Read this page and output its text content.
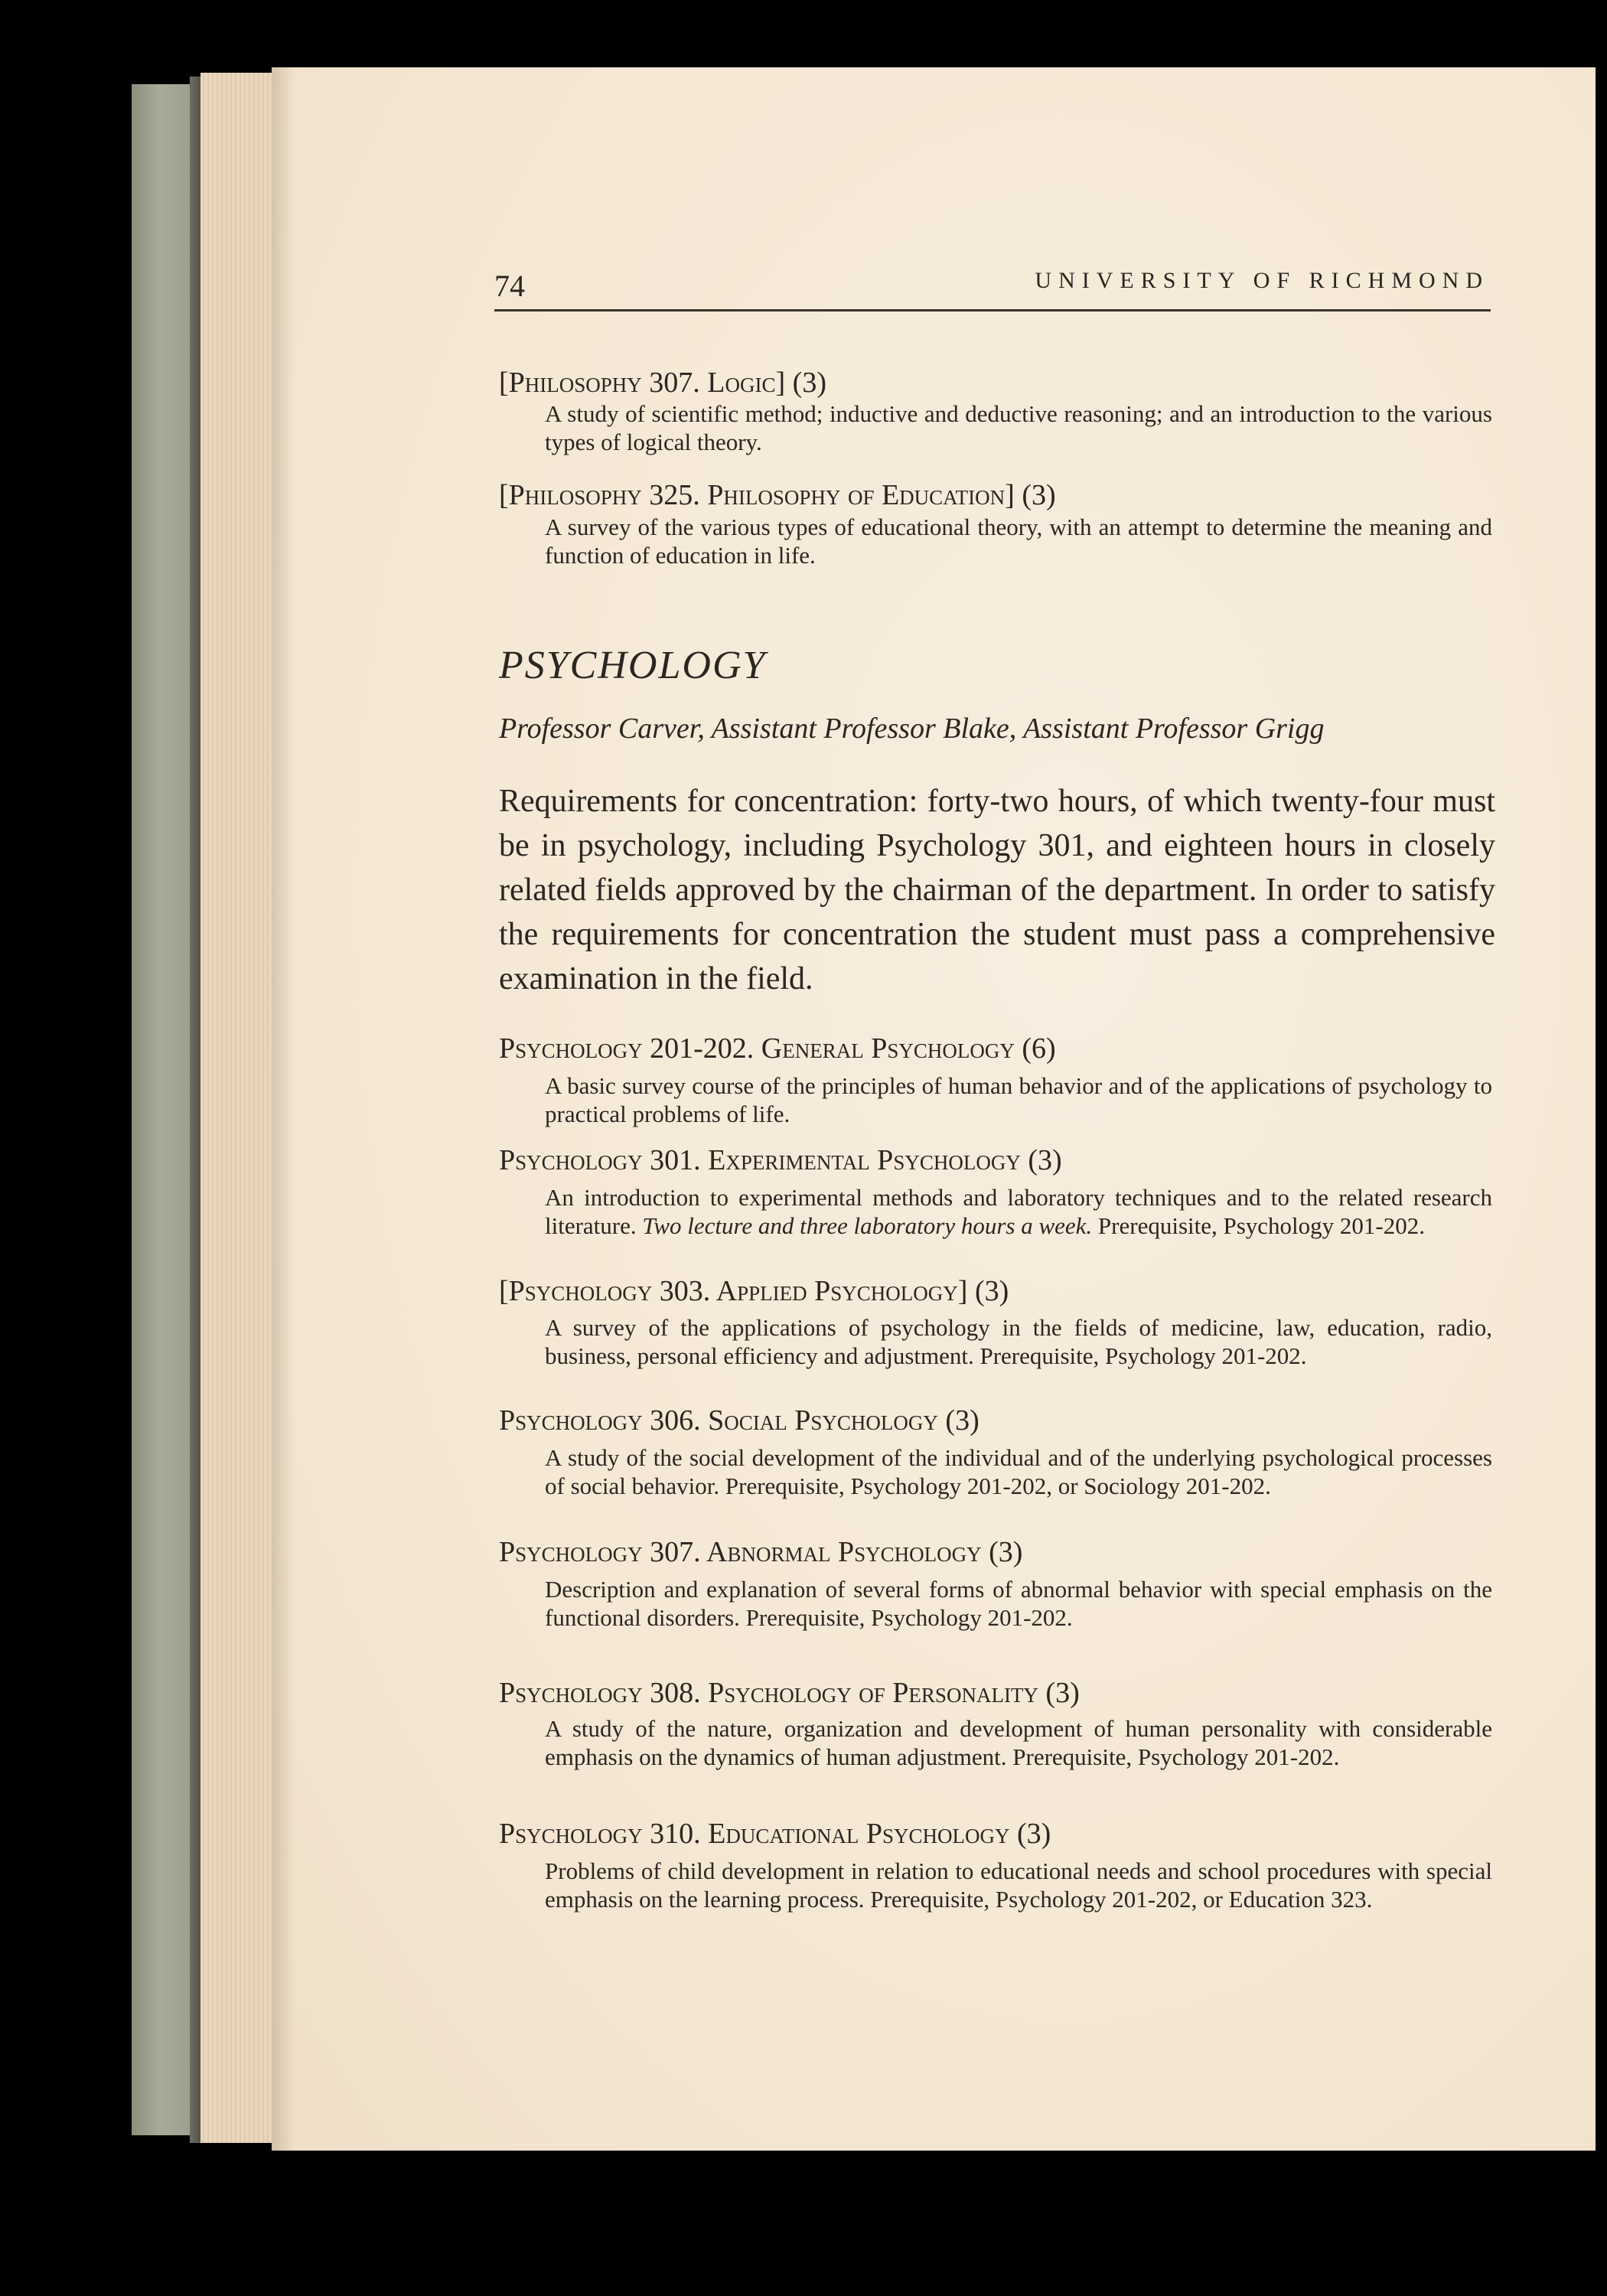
74	UNIVERSITY OF RICHMOND
[Philosophy 307. Logic] (3)
A study of scientific method; inductive and deductive reasoning; and an introduction to the various types of logical theory.
[Philosophy 325. Philosophy of Education] (3)
A survey of the various types of educational theory, with an attempt to determine the meaning and function of education in life.
PSYCHOLOGY
Professor Carver, Assistant Professor Blake, Assistant Professor Grigg
Requirements for concentration: forty-two hours, of which twenty-four must be in psychology, including Psychology 301, and eighteen hours in closely related fields approved by the chairman of the department. In order to satisfy the requirements for concentration the student must pass a comprehensive examination in the field.
Psychology 201-202. General Psychology (6)
A basic survey course of the principles of human behavior and of the applications of psychology to practical problems of life.
Psychology 301. Experimental Psychology (3)
An introduction to experimental methods and laboratory techniques and to the related research literature. Two lecture and three laboratory hours a week. Prerequisite, Psychology 201-202.
[Psychology 303. Applied Psychology] (3)
A survey of the applications of psychology in the fields of medicine, law, education, radio, business, personal efficiency and adjustment. Prerequisite, Psychology 201-202.
Psychology 306. Social Psychology (3)
A study of the social development of the individual and of the underlying psychological processes of social behavior. Prerequisite, Psychology 201-202, or Sociology 201-202.
Psychology 307. Abnormal Psychology (3)
Description and explanation of several forms of abnormal behavior with special emphasis on the functional disorders. Prerequisite, Psychology 201-202.
Psychology 308. Psychology of Personality (3)
A study of the nature, organization and development of human personality with considerable emphasis on the dynamics of human adjustment. Prerequisite, Psychology 201-202.
Psychology 310. Educational Psychology (3)
Problems of child development in relation to educational needs and school procedures with special emphasis on the learning process. Prerequisite, Psychology 201-202, or Education 323.
